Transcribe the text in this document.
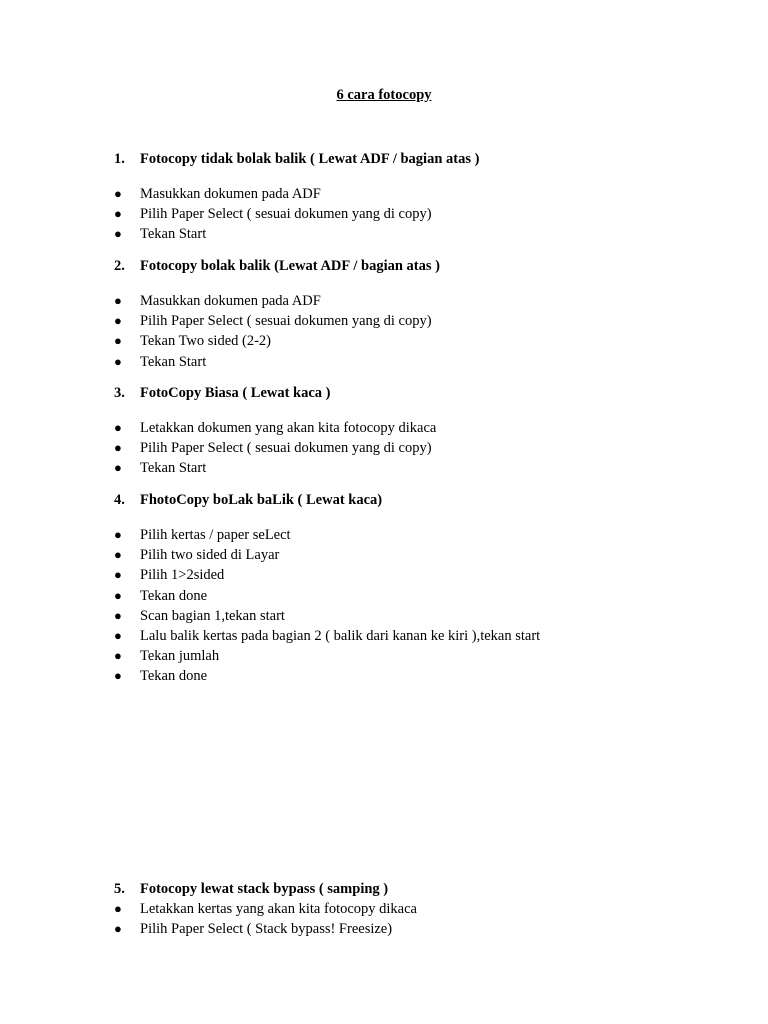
6 cara fotocopy
1.	Fotocopy tidak bolak balik ( Lewat ADF / bagian atas )
●	Masukkan dokumen pada ADF
●	Pilih Paper Select ( sesuai dokumen yang di copy)
●	Tekan Start
2.	Fotocopy bolak balik (Lewat ADF / bagian atas )
●	Masukkan dokumen pada ADF
●	Pilih Paper Select ( sesuai dokumen yang di copy)
●	Tekan Two sided (2-2)
●	Tekan Start
3.	FotoCopy Biasa ( Lewat kaca )
●	Letakkan dokumen yang akan kita fotocopy dikaca
●	Pilih Paper Select ( sesuai dokumen yang di copy)
●	Tekan Start
4.	FhotoCopy boLak baLik ( Lewat kaca)
●	Pilih kertas / paper seLect
●	Pilih two sided di Layar
●	Pilih 1>2sided
●	Tekan done
●	Scan bagian 1,tekan start
●	Lalu balik kertas pada bagian 2 ( balik dari kanan ke kiri ),tekan start
●	Tekan jumlah
●	Tekan done
5.	Fotocopy lewat stack bypass ( samping )
●	Letakkan kertas yang akan kita fotocopy dikaca
●	Pilih Paper Select ( Stack bypass! Freesize)
